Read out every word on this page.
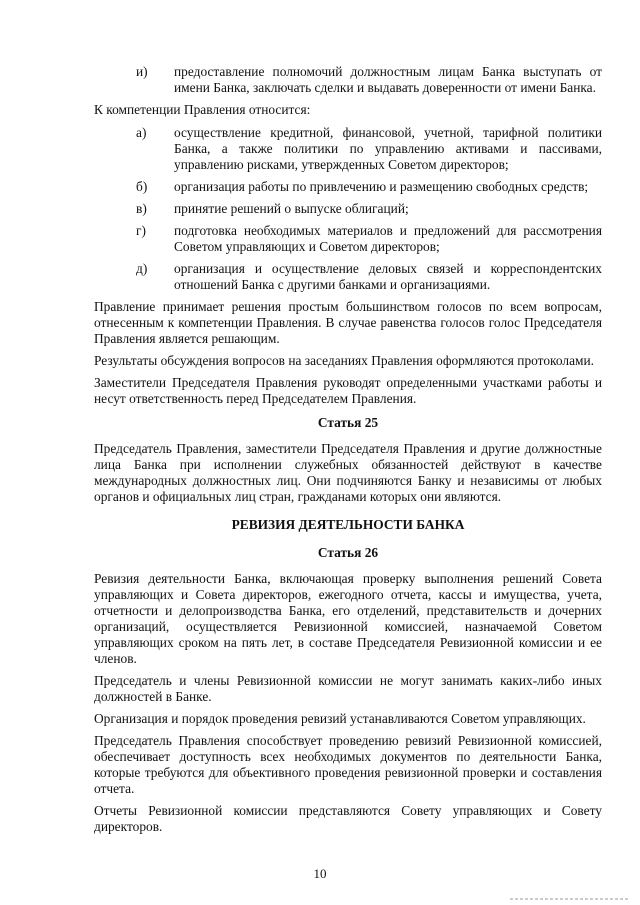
и)	предоставление полномочий должностным лицам Банка выступать от имени Банка, заключать сделки и выдавать доверенности от имени Банка.

К компетенции Правления относится:

а)	осуществление кредитной, финансовой, учетной, тарифной политики Банка, а также политики по управлению активами и пассивами, управлению рисками, утвержденных Советом директоров;
б)	организация работы по привлечению и размещению свободных средств;
в)	принятие решений о выпуске облигаций;
г)	подготовка необходимых материалов и предложений для рассмотрения Советом управляющих и Советом директоров;
д)	организация и осуществление деловых связей и корреспондентских отношений Банка с другими банками и организациями.

Правление принимает решения простым большинством голосов по всем вопросам, отнесенным к компетенции Правления. В случае равенства голосов голос Председателя Правления является решающим.

Результаты обсуждения вопросов на заседаниях Правления оформляются протоколами.

Заместители Председателя Правления руководят определенными участками работы и несут ответственность перед Председателем Правления.

Статья 25

Председатель Правления, заместители Председателя Правления и другие должностные лица Банка при исполнении служебных обязанностей действуют в качестве международных должностных лиц. Они подчиняются Банку и независимы от любых органов и официальных лиц стран, гражданами которых они являются.

РЕВИЗИЯ ДЕЯТЕЛЬНОСТИ БАНКА
Статья 26

Ревизия деятельности Банка, включающая проверку выполнения решений Совета управляющих и Совета директоров, ежегодного отчета, кассы и имущества, учета, отчетности и делопроизводства Банка, его отделений, представительств и дочерних организаций, осуществляется Ревизионной комиссией, назначаемой Советом управляющих сроком на пять лет, в составе Председателя Ревизионной комиссии и ее членов.

Председатель и члены Ревизионной комиссии не могут занимать каких-либо иных должностей в Банке.

Организация и порядок проведения ревизий устанавливаются Советом управляющих.

Председатель Правления способствует проведению ревизий Ревизионной комиссией, обеспечивает доступность всех необходимых документов по деятельности Банка, которые требуются для объективного проведения ревизионной проверки и составления отчета.

Отчеты Ревизионной комиссии представляются Совету управляющих и Совету директоров.

10
